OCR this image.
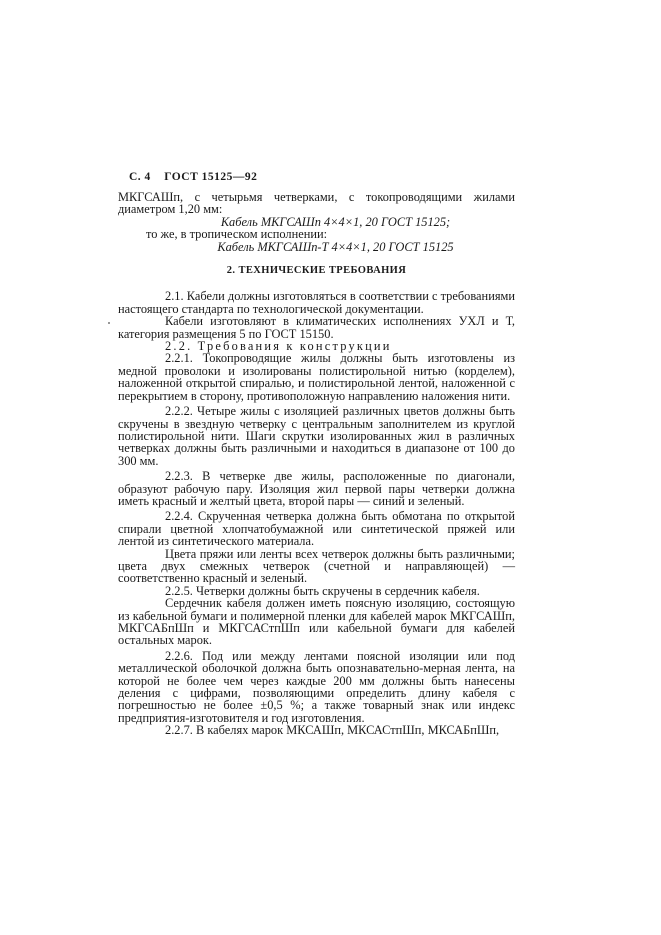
С. 4 ГОСТ 15125—92

МКГСАШп, с четырьмя четверками, с токопроводящими жилами диаметром 1,20 мм:

Кабель МКГСАШп 4×4×1, 20 ГОСТ 15125;

то же, в тропическом исполнении:

Кабель МКГСАШп-Т 4×4×1, 20 ГОСТ 15125

2. ТЕХНИЧЕСКИЕ ТРЕБОВАНИЯ

2.1. Кабели должны изготовляться в соответствии с требованиями настоящего стандарта по технологической документации.

Кабели изготовляют в климатических исполнениях УХЛ и Т, категория размещения 5 по ГОСТ 15150.

2.2. Требования к конструкции

2.2.1. Токопроводящие жилы должны быть изготовлены из медной проволоки и изолированы полистирольной нитью (корделем), наложенной открытой спиралью, и полистирольной лентой, наложенной с перекрытием в сторону, противоположную направлению наложения нити.

2.2.2. Четыре жилы с изоляцией различных цветов должны быть скручены в звездную четверку с центральным заполнителем из круглой полистирольной нити. Шаги скрутки изолированных жил в различных четверках должны быть различными и находиться в диапазоне от 100 до 300 мм.

2.2.3. В четверке две жилы, расположенные по диагонали, образуют рабочую пару. Изоляция жил первой пары четверки должна иметь красный и желтый цвета, второй пары — синий и зеленый.

2.2.4. Скрученная четверка должна быть обмотана по открытой спирали цветной хлопчатобумажной или синтетической пряжей или лентой из синтетического материала.

Цвета пряжи или ленты всех четверок должны быть различными; цвета двух смежных четверок (счетной и направляющей) — соответственно красный и зеленый.

2.2.5. Четверки должны быть скручены в сердечник кабеля.

Сердечник кабеля должен иметь поясную изоляцию, состоящую из кабельной бумаги и полимерной пленки для кабелей марок МКГСАШп, МКГСАБпШп и МКГСАСтпШп или кабельной бумаги для кабелей остальных марок.

2.2.6. Под или между лентами поясной изоляции или под металлической оболочкой должна быть опознавательно-мерная лента, на которой не более чем через каждые 200 мм должны быть нанесены деления с цифрами, позволяющими определить длину кабеля с погрешностью не более ±0,5 %; а также товарный знак или индекс предприятия-изготовителя и год изготовления.

2.2.7. В кабелях марок МКСАШп, МКСАСтпШп, МКСАБпШп,
